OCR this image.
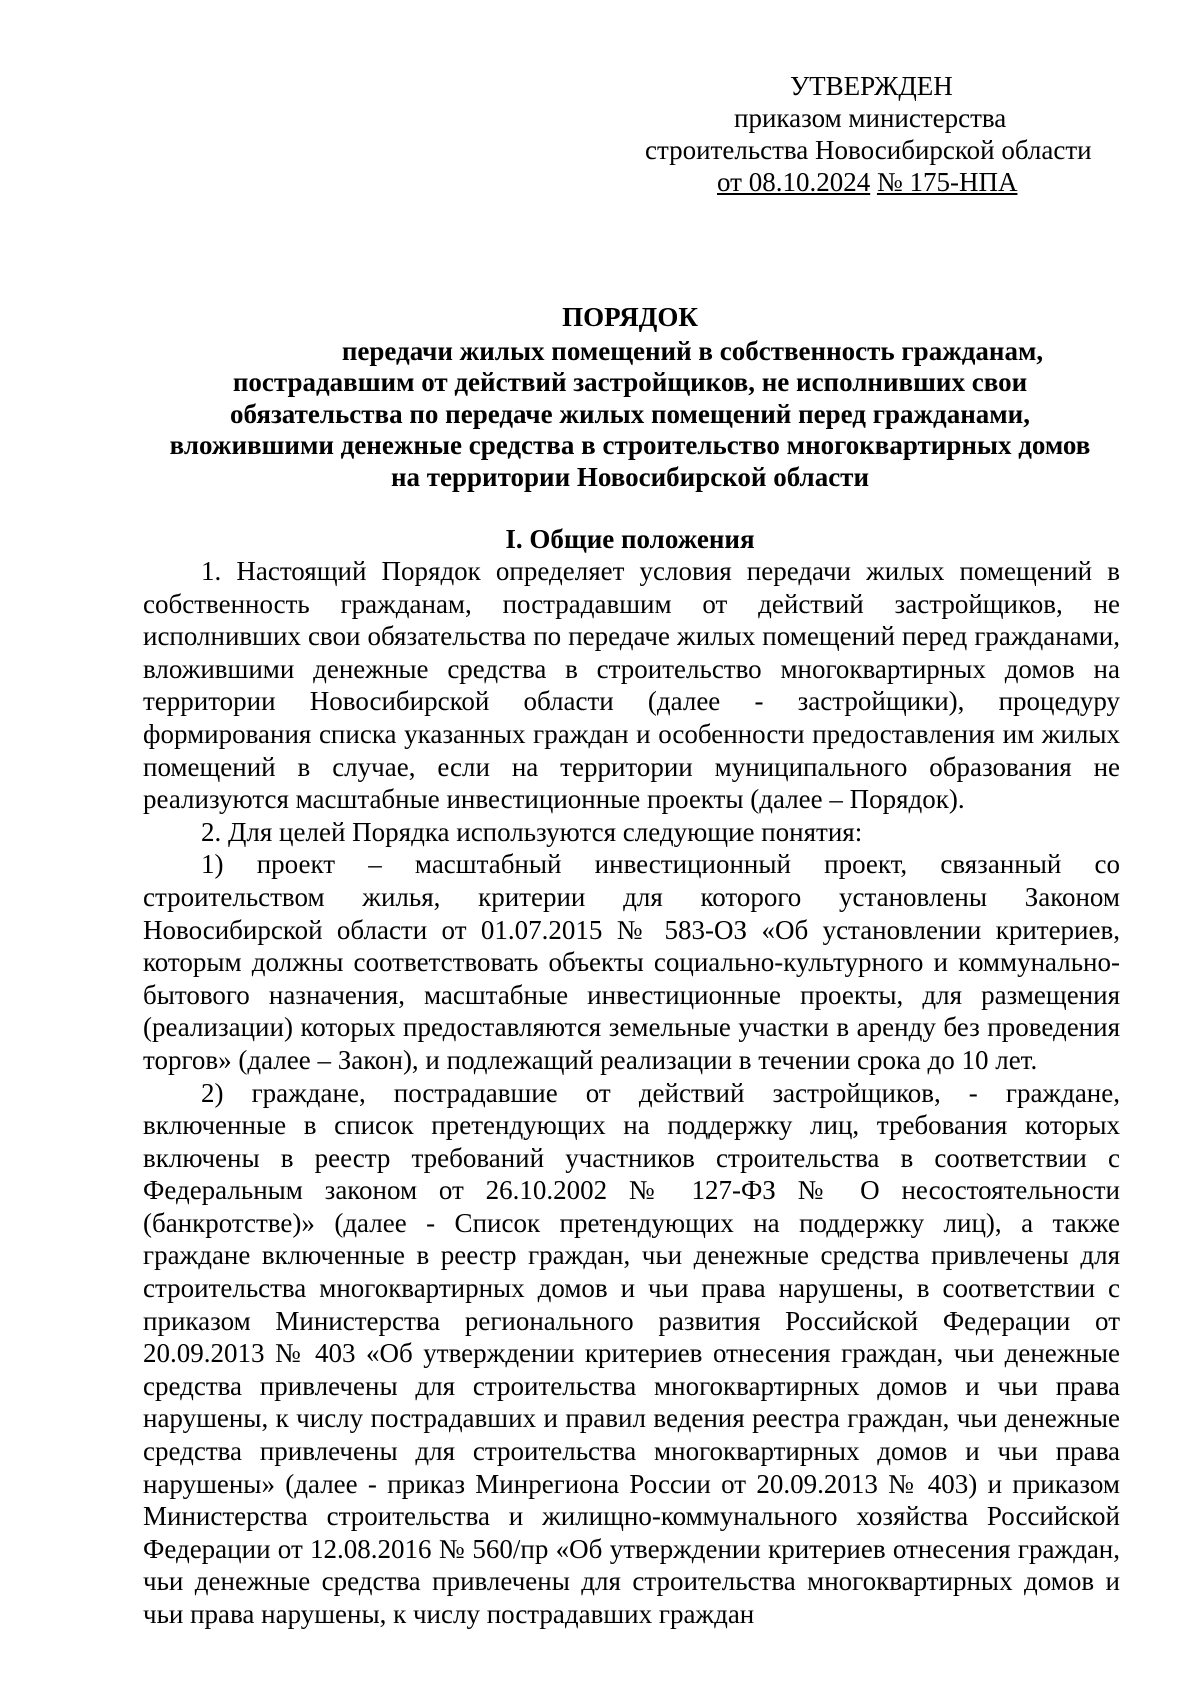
УТВЕРЖДЕН
приказом министерства
строительства Новосибирской области
от 08.10.2024 № 175-НПА
ПОРЯДОК
передачи жилых помещений в собственность гражданам,
пострадавшим от действий застройщиков, не исполнивших свои
обязательства по передаче жилых помещений перед гражданами,
вложившими денежные средства в строительство многоквартирных домов
на территории Новосибирской области
I. Общие положения

1. Настоящий Порядок определяет условия передачи жилых помещений в собственность гражданам, пострадавшим от действий застройщиков, не исполнивших свои обязательства по передаче жилых помещений перед гражданами, вложившими денежные средства в строительство многоквартирных домов на территории Новосибирской области (далее - застройщики), процедуру формирования списка указанных граждан и особенности предоставления им жилых помещений в случае, если на территории муниципального образования не реализуются масштабные инвестиционные проекты (далее – Порядок).

2. Для целей Порядка используются следующие понятия:

1) проект – масштабный инвестиционный проект, связанный со строительством жилья, критерии для которого установлены Законом Новосибирской области от 01.07.2015 № 583-ОЗ «Об установлении критериев, которым должны соответствовать объекты социально-культурного и коммунально-бытового назначения, масштабные инвестиционные проекты, для размещения (реализации) которых предоставляются земельные участки в аренду без проведения торгов» (далее – Закон), и подлежащий реализации в течении срока до 10 лет.

2) граждане, пострадавшие от действий застройщиков, - граждане, включенные в список претендующих на поддержку лиц, требования которых включены в реестр требований участников строительства в соответствии с Федеральным законом от 26.10.2002 № 127-ФЗ № О несостоятельности (банкротстве)» (далее - Список претендующих на поддержку лиц), а также граждане включенные в реестр граждан, чьи денежные средства привлечены для строительства многоквартирных домов и чьи права нарушены, в соответствии с приказом Министерства регионального развития Российской Федерации от 20.09.2013 № 403 «Об утверждении критериев отнесения граждан, чьи денежные средства привлечены для строительства многоквартирных домов и чьи права нарушены, к числу пострадавших и правил ведения реестра граждан, чьи денежные средства привлечены для строительства многоквартирных домов и чьи права нарушены» (далее - приказ Минрегиона России от 20.09.2013 № 403) и приказом Министерства строительства и жилищно-коммунального хозяйства Российской Федерации от 12.08.2016 № 560/пр «Об утверждении критериев отнесения граждан, чьи денежные средства привлечены для строительства многоквартирных домов и чьи права нарушены, к числу пострадавших граждан
